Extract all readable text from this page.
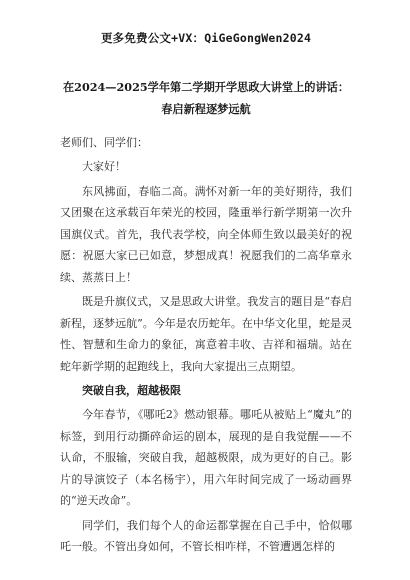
更多免费公文+VX：QiGeGongWen2024
在2024—2025学年第二学期开学思政大讲堂上的讲话：春启新程逐梦远航
老师们、同学们：

大家好！

东风拂面，春临二高。满怀对新一年的美好期待，我们又团聚在这承载百年荣光的校园，隆重举行新学期第一次升国旗仪式。首先，我代表学校，向全体师生致以最美好的祝愿：祝愿大家已已如意，梦想成真！祝愿我们的二高华章永续、蒸蒸日上！

既是升旗仪式，又是思政大讲堂。我发言的题目是“春启新程，逐梦远航”。今年是农历蛇年。在中华文化里，蛇是灵性、智慧和生命力的象征，寓意着丰收、吉祥和福瑞。站在蛇年新学期的起跑线上，我向大家提出三点期望。

突破自我，超越极限

今年春节，《哪吒2》燃动银幕。哪吒从被贴上“魔丸”的标签，到用行动撕碎命运的剧本，展现的是自我觉醒——不认命，不服输，突破自我，超越极限，成为更好的自己。影片的导演饺子（本名杨宇），用六年时间完成了一场动画界的“逆天改命”。

同学们，我们每个人的命运都掌握在自己手中，恰似哪吒一般。不管出身如何，不管长相咋样，不管遭遇怎样的
